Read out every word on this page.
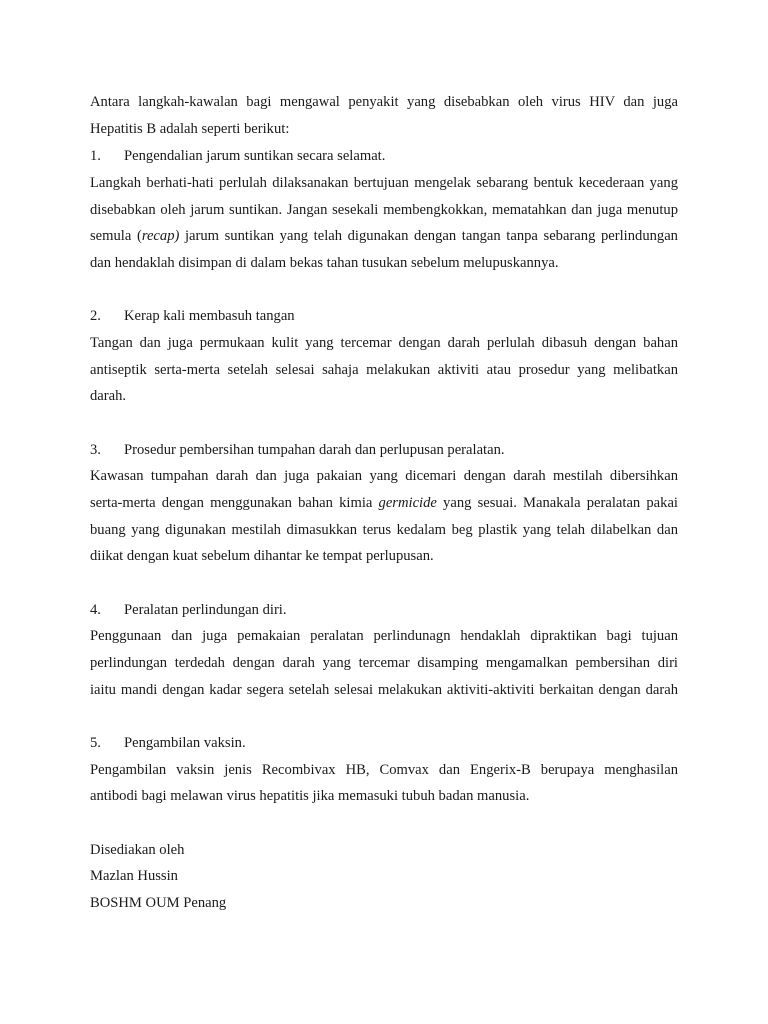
Antara langkah-kawalan bagi mengawal penyakit yang disebabkan oleh virus HIV dan juga
Hepatitis B adalah seperti berikut:
1. Pengendalian jarum suntikan secara selamat.
Langkah berhati-hati perlulah dilaksanakan bertujuan mengelak sebarang bentuk kecederaan yang
disebabkan oleh jarum suntikan. Jangan sesekali membengkokkan, mematahkan dan juga menutup
semula (recap) jarum suntikan yang telah digunakan dengan tangan tanpa sebarang perlindungan
dan hendaklah disimpan di dalam bekas tahan tusukan sebelum melupuskannya.
2. Kerap kali membasuh tangan
Tangan dan juga permukaan kulit yang tercemar dengan darah perlulah dibasuh dengan bahan
antiseptik serta-merta setelah selesai sahaja melakukan aktiviti atau prosedur yang melibatkan
darah.
3. Prosedur pembersihan tumpahan darah dan perlupusan peralatan.
Kawasan tumpahan darah dan juga pakaian yang dicemari dengan darah mestilah dibersihkan
serta-merta dengan menggunakan bahan kimia germicide yang sesuai. Manakala peralatan pakai
buang yang digunakan mestilah dimasukkan terus kedalam beg plastik yang telah dilabelkan dan
diikat dengan kuat sebelum dihantar ke tempat perlupusan.
4. Peralatan perlindungan diri.
Penggunaan dan juga pemakaian peralatan perlindunagn hendaklah dipraktikan bagi tujuan
perlindungan terdedah dengan darah yang tercemar disamping mengamalkan pembersihan diri
iaitu mandi dengan kadar segera setelah selesai melakukan aktiviti-aktiviti berkaitan dengan darah
5. Pengambilan vaksin.
Pengambilan vaksin jenis Recombivax HB, Comvax dan Engerix-B berupaya menghasilan
antibodi bagi melawan virus hepatitis jika memasuki tubuh badan manusia.
Disediakan oleh
Mazlan Hussin
BOSHM OUM Penang
